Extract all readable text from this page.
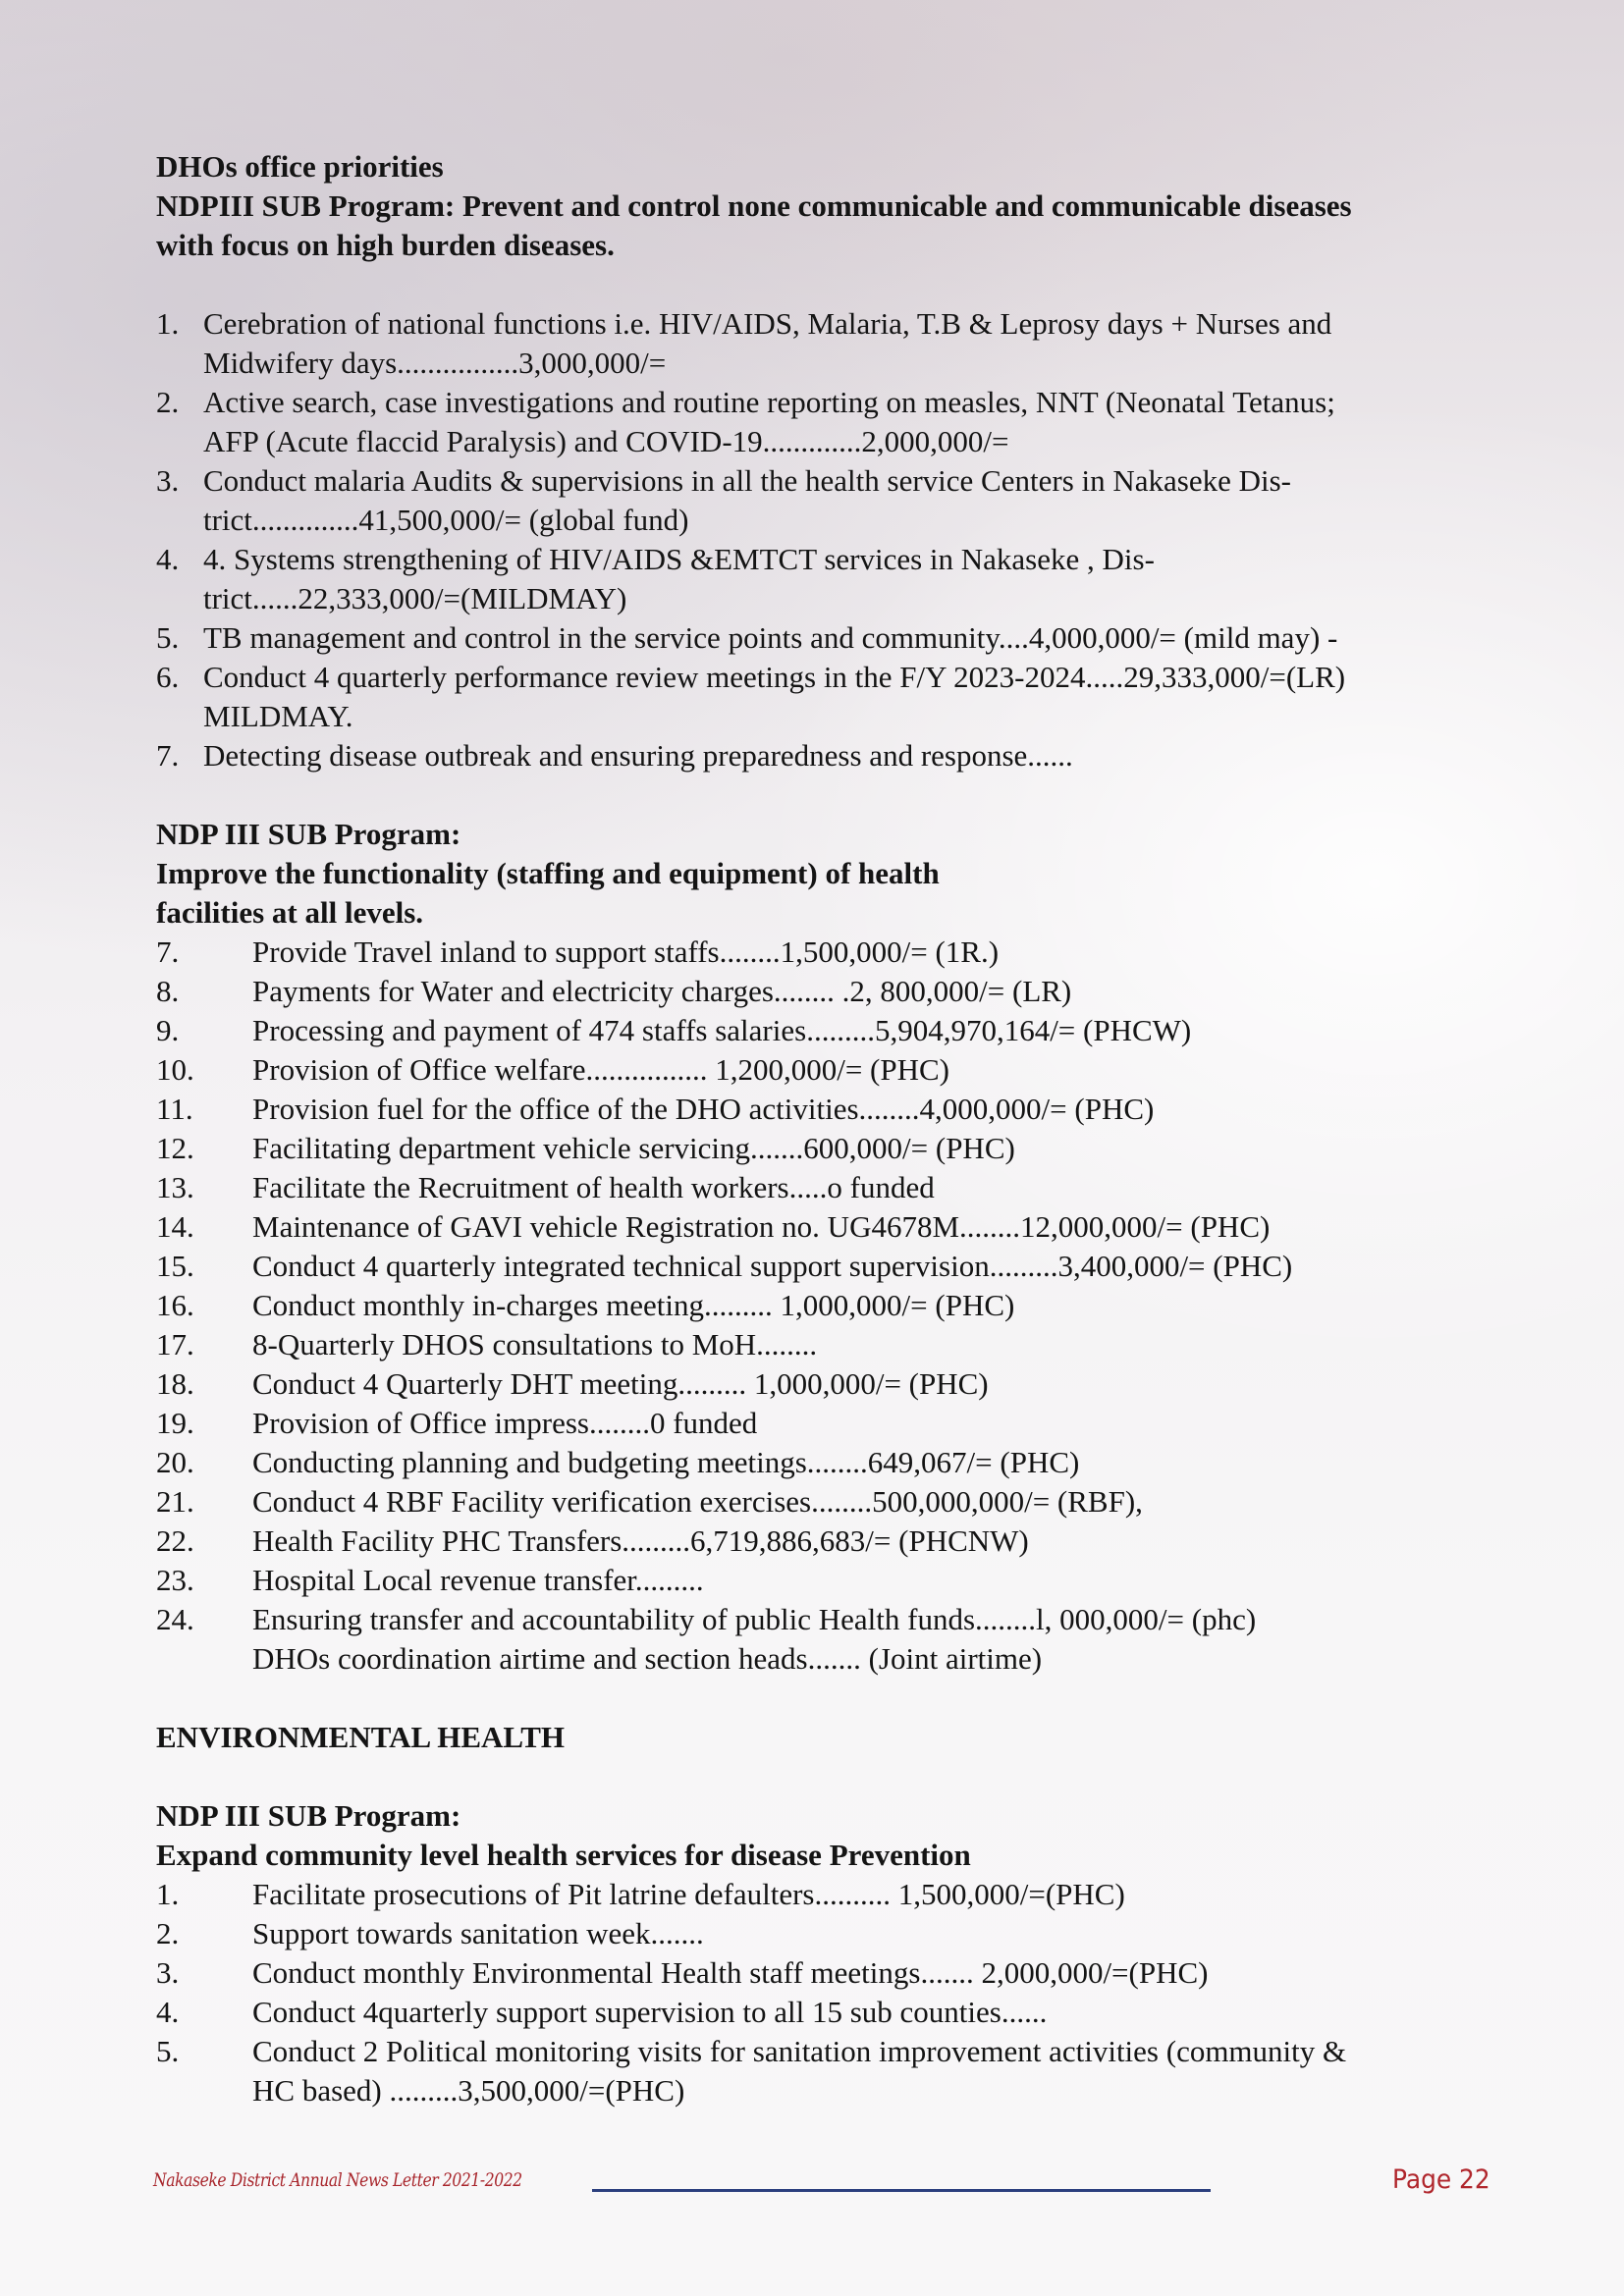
DHOs office priorities
NDPIII SUB Program: Prevent and control none communicable and communicable diseases
with focus on high burden diseases.
1. Cerebration of national functions i.e. HIV/AIDS, Malaria, T.B & Leprosy days + Nurses and
Midwifery days................3,000,000/=
2. Active search, case investigations and routine reporting on measles, NNT (Neonatal Tetanus;
AFP (Acute flaccid Paralysis) and COVID-19.............2,000,000/=
3. Conduct malaria Audits & supervisions in all the health service Centers in Nakaseke Dis-
trict..............41,500,000/= (global fund)
4. 4. Systems strengthening of HIV/AIDS &EMTCT services in Nakaseke , Dis-
trict......22,333,000/=(MILDMAY)
5. TB management and control in the service points and community....4,000,000/= (mild may) -
6. Conduct 4 quarterly performance review meetings in the F/Y 2023-2024.....29,333,000/=(LR)
MILDMAY.
7. Detecting disease outbreak and ensuring preparedness and response......
NDP III SUB Program:
Improve the functionality (staffing and equipment) of health
facilities at all levels.
7.	Provide Travel inland to support staffs........1,500,000/= (1R.)
8.	Payments for Water and electricity charges........ .2, 800,000/= (LR)
9.	Processing and payment of 474 staffs salaries.........5,904,970,164/= (PHCW)
10.	Provision of Office welfare................ 1,200,000/= (PHC)
11.	Provision fuel for the office of the DHO activities........4,000,000/= (PHC)
12.	Facilitating department vehicle servicing.......600,000/= (PHC)
13.	Facilitate the Recruitment of health workers.....o funded
14.	Maintenance of GAVI vehicle Registration no. UG4678M........12,000,000/= (PHC)
15.	Conduct 4 quarterly integrated technical support supervision.........3,400,000/= (PHC)
16.	Conduct monthly in-charges meeting......... 1,000,000/= (PHC)
17.	8-Quarterly DHOS consultations to MoH........
18.	Conduct 4 Quarterly DHT meeting......... 1,000,000/= (PHC)
19.	Provision of Office impress........0 funded
20.	Conducting planning and budgeting meetings........649,067/= (PHC)
21.	Conduct 4 RBF Facility verification exercises........500,000,000/= (RBF),
22.	Health Facility PHC Transfers.........6,719,886,683/= (PHCNW)
23.	Hospital Local revenue transfer.........
24.	Ensuring transfer and accountability of public Health funds........l, 000,000/= (phc)
DHOs coordination airtime and section heads....... (Joint airtime)
ENVIRONMENTAL HEALTH
NDP III SUB Program:
Expand community level health services for disease Prevention
1.	Facilitate prosecutions of Pit latrine defaulters.......... 1,500,000/=(PHC)
2.	Support towards sanitation week.......
3.	Conduct monthly Environmental Health staff meetings....... 2,000,000/=(PHC)
4.	Conduct 4quarterly support supervision to all 15 sub counties......
5.	Conduct 2 Political monitoring visits for sanitation improvement activities (community &
HC based) .........3,500,000/=(PHC)
Nakaseke District Annual News Letter 2021-2022	Page 22
